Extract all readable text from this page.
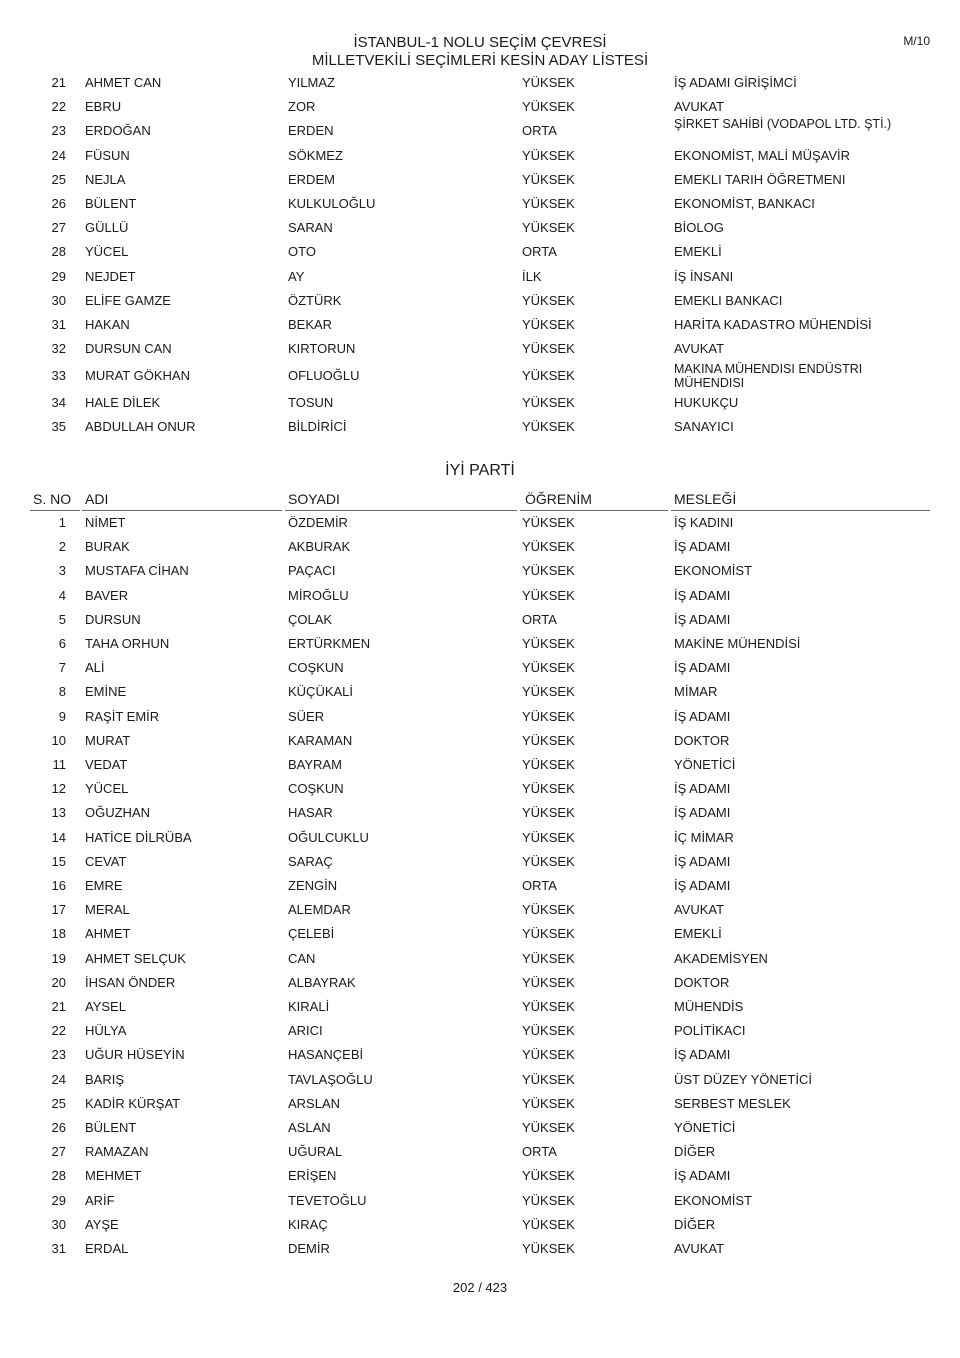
İSTANBUL-1 NOLU SEÇİM ÇEVRESİ
MİLLETVEKİLİ SEÇİMLERİ KESİN ADAY LİSTESİ
M/10
21 AHMET CAN	YILMAZ	YÜKSEK	İŞ ADAMI GİRİŞİMCİ
22 EBRU	ZOR	YÜKSEK	AVUKAT
23 ERDOĞAN	ERDEN	ORTA	ŞİRKET SAHİBİ (VODAPOL LTD. ŞTİ.)
24 FÜSUN	SÖKMEZ	YÜKSEK	EKONOMİST, MALİ MÜŞAVİR
25 NEJLA	ERDEM	YÜKSEK	EMEKLI TARIH ÖĞRETMENI
26 BÜLENT	KULKULOĞLU	YÜKSEK	EKONOMİST, BANKACI
27 GÜLLÜ	SARAN	YÜKSEK	BİOLOG
28 YÜCEL	OTO	ORTA	EMEKLİ
29 NEJDET	AY	İLK	İŞ İNSANI
30 ELİFE GAMZE	ÖZTÜRK	YÜKSEK	EMEKLI BANKACI
31 HAKAN	BEKAR	YÜKSEK	HARİTA KADASTRO MÜHENDİSİ
32 DURSUN CAN	KIRTORUN	YÜKSEK	AVUKAT
33 MURAT GÖKHAN	OFLUOĞLU	YÜKSEK	MAKINA MÜHENDISI ENDÜSTRI MÜHENDISI
34 HALE DİLEK	TOSUN	YÜKSEK	HUKUKÇU
35 ABDULLAH ONUR	BİLDİRİCİ	YÜKSEK	SANAYICI
İYİ PARTİ
S. NO ADI	SOYADI	ÖĞRENİM	MESLEĞİ
1 NİMET	ÖZDEMİR	YÜKSEK	İŞ KADINI
2 BURAK	AKBURAK	YÜKSEK	İŞ ADAMI
3 MUSTAFA CİHAN	PAÇACI	YÜKSEK	EKONOMİST
4 BAVER	MİROĞLU	YÜKSEK	İŞ ADAMI
5 DURSUN	ÇOLAK	ORTA	İŞ ADAMI
6 TAHA ORHUN	ERTÜRKMEN	YÜKSEK	MAKİNE MÜHENDİSİ
7 ALİ	COŞKUN	YÜKSEK	İŞ ADAMI
8 EMİNE	KÜÇÜKALİ	YÜKSEK	MİMAR
9 RAŞİT EMİR	SÜER	YÜKSEK	İŞ ADAMI
10 MURAT	KARAMAN	YÜKSEK	DOKTOR
11 VEDAT	BAYRAM	YÜKSEK	YÖNETİCİ
12 YÜCEL	COŞKUN	YÜKSEK	İŞ ADAMI
13 OĞUZHAN	HASAR	YÜKSEK	İŞ ADAMI
14 HATİCE DİLRÜBA	OĞULCUKLU	YÜKSEK	İÇ MİMAR
15 CEVAT	SARAÇ	YÜKSEK	İŞ ADAMI
16 EMRE	ZENGİN	ORTA	İŞ ADAMI
17 MERAL	ALEMDAR	YÜKSEK	AVUKAT
18 AHMET	ÇELEBİ	YÜKSEK	EMEKLİ
19 AHMET SELÇUK	CAN	YÜKSEK	AKADEMİSYEN
20 İHSAN ÖNDER	ALBAYRAK	YÜKSEK	DOKTOR
21 AYSEL	KIRALİ	YÜKSEK	MÜHENDİS
22 HÜLYA	ARICI	YÜKSEK	POLİTİKACI
23 UĞUR HÜSEYİN	HASANÇEBİ	YÜKSEK	İŞ ADAMI
24 BARIŞ	TAVLAŞOĞLU	YÜKSEK	ÜST DÜZEY YÖNETİCİ
25 KADİR KÜRŞAT	ARSLAN	YÜKSEK	SERBEST MESLEK
26 BÜLENT	ASLAN	YÜKSEK	YÖNETİCİ
27 RAMAZAN	UĞURAL	ORTA	DİĞER
28 MEHMET	ERİŞEN	YÜKSEK	İŞ ADAMI
29 ARİF	TEVETOĞLU	YÜKSEK	EKONOMİST
30 AYŞE	KIRAÇ	YÜKSEK	DİĞER
31 ERDAL	DEMİR	YÜKSEK	AVUKAT
202 / 423
